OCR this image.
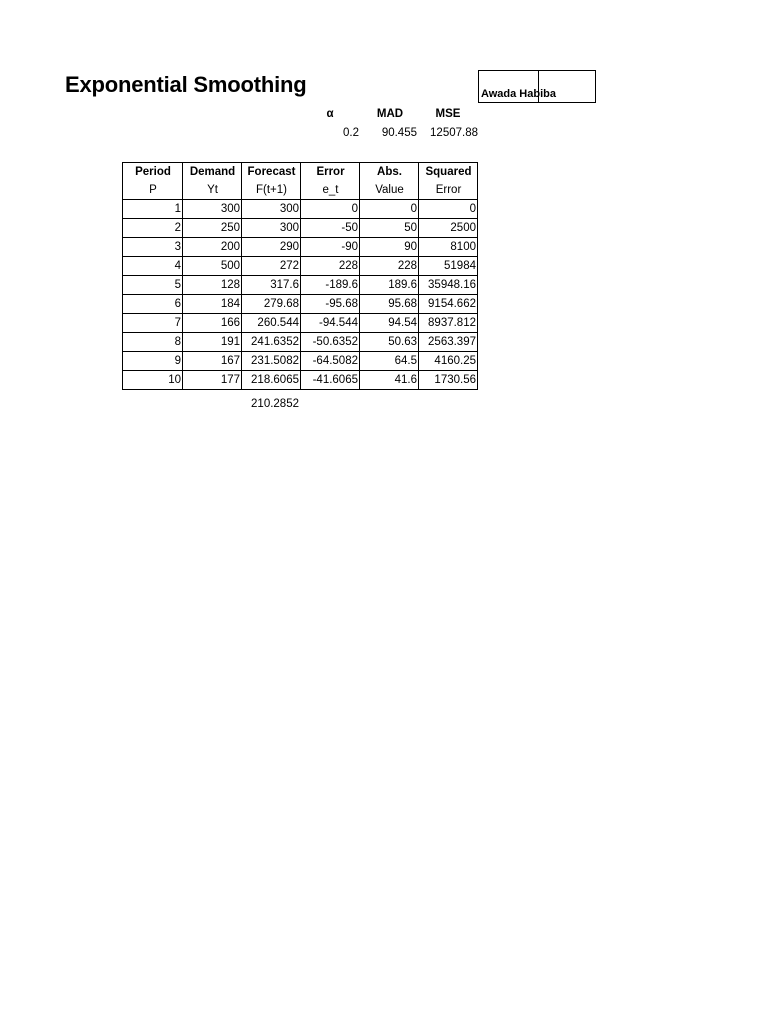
Exponential Smoothing	Awada Habiba
α	MAD	MSE
0.2	90.455	12507.88
Period	Demand	Forecast	Error	Abs.	Squared
P	Yt	F(t+1)	e_t	Value	Error
1	300	300	0	0	0
2	250	300	-50	50	2500
3	200	290	-90	90	8100
4	500	272	228	228	51984
5	128	317.6	-189.6	189.6	35948.16
6	184	279.68	-95.68	95.68	9154.662
7	166	260.544	-94.544	94.54	8937.812
8	191	241.6352	-50.6352	50.63	2563.397
9	167	231.5082	-64.5082	64.5	4160.25
10	177	218.6065	-41.6065	41.6	1730.56
210.2852
